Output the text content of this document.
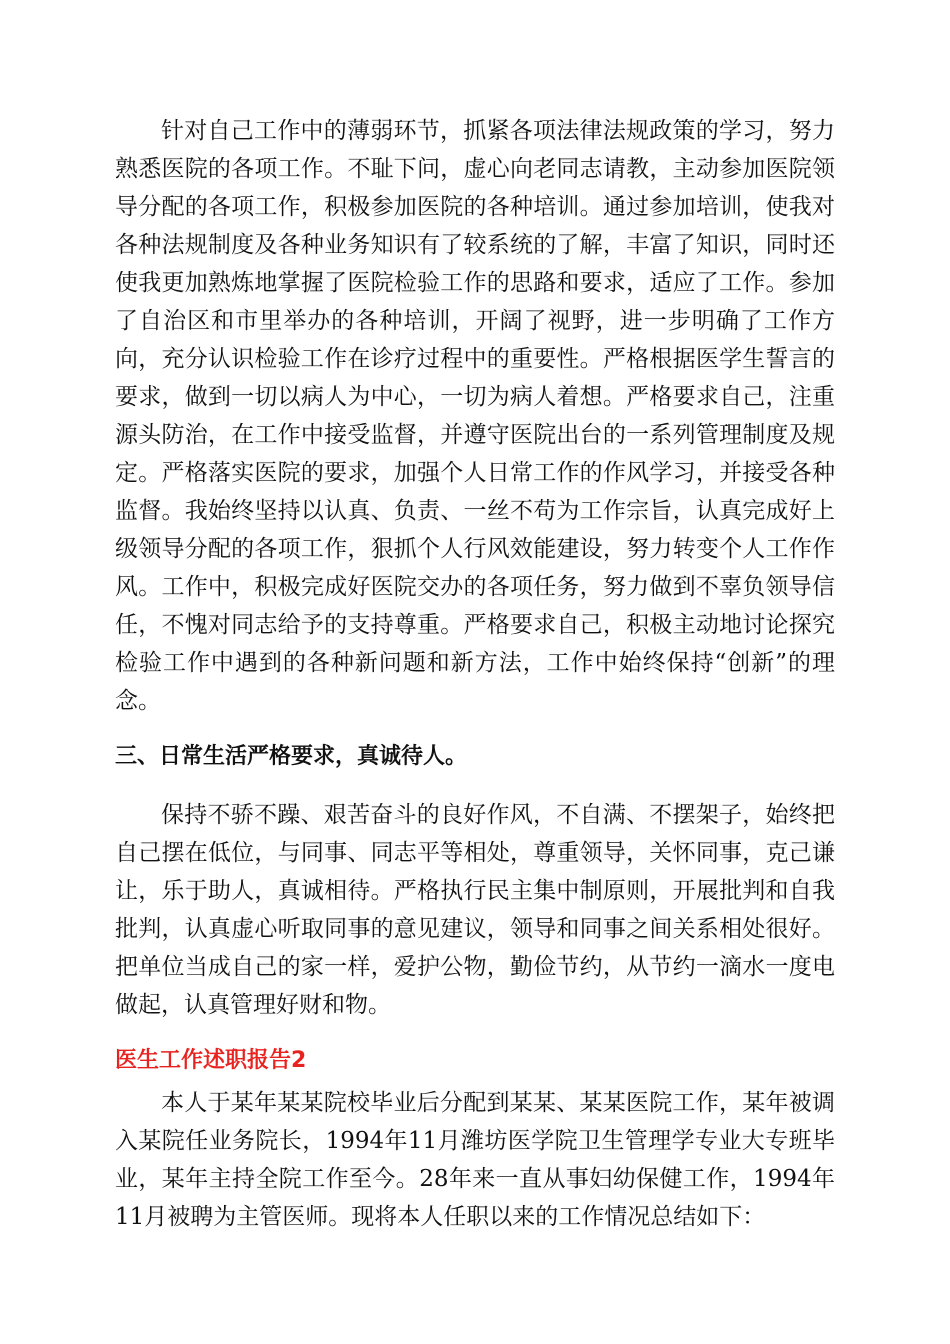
针对自己工作中的薄弱环节，抓紧各项法律法规政策的学习，努力熟悉医院的各项工作。不耻下问，虚心向老同志请教，主动参加医院领导分配的各项工作，积极参加医院的各种培训。通过参加培训，使我对各种法规制度及各种业务知识有了较系统的了解，丰富了知识，同时还使我更加熟炼地掌握了医院检验工作的思路和要求，适应了工作。参加了自治区和市里举办的各种培训，开阔了视野，进一步明确了工作方向，充分认识检验工作在诊疗过程中的重要性。严格根据医学生誓言的要求，做到一切以病人为中心，一切为病人着想。严格要求自己，注重源头防治，在工作中接受监督，并遵守医院出台的一系列管理制度及规定。严格落实医院的要求，加强个人日常工作的作风学习，并接受各种监督。我始终坚持以认真、负责、一丝不苟为工作宗旨，认真完成好上级领导分配的各项工作，狠抓个人行风效能建设，努力转变个人工作作风。工作中，积极完成好医院交办的各项任务，努力做到不辜负领导信任，不愧对同志给予的支持尊重。严格要求自己，积极主动地讨论探究检验工作中遇到的各种新问题和新方法，工作中始终保持“创新”的理念。

三、日常生活严格要求，真诚待人。

保持不骄不躁、艰苦奋斗的良好作风，不自满、不摆架子，始终把自己摆在低位，与同事、同志平等相处，尊重领导，关怀同事，克己谦让，乐于助人，真诚相待。严格执行民主集中制原则，开展批判和自我批判，认真虚心听取同事的意见建议，领导和同事之间关系相处很好。把单位当成自己的家一样，爱护公物，勤俭节约，从节约一滴水一度电做起，认真管理好财和物。

医生工作述职报告2

本人于某年某某院校毕业后分配到某某、某某医院工作，某年被调入某院任业务院长，1994年11月潍坊医学院卫生管理学专业大专班毕业，某年主持全院工作至今。28年来一直从事妇幼保健工作，1994年11月被聘为主管医师。现将本人任职以来的工作情况总结如下：
